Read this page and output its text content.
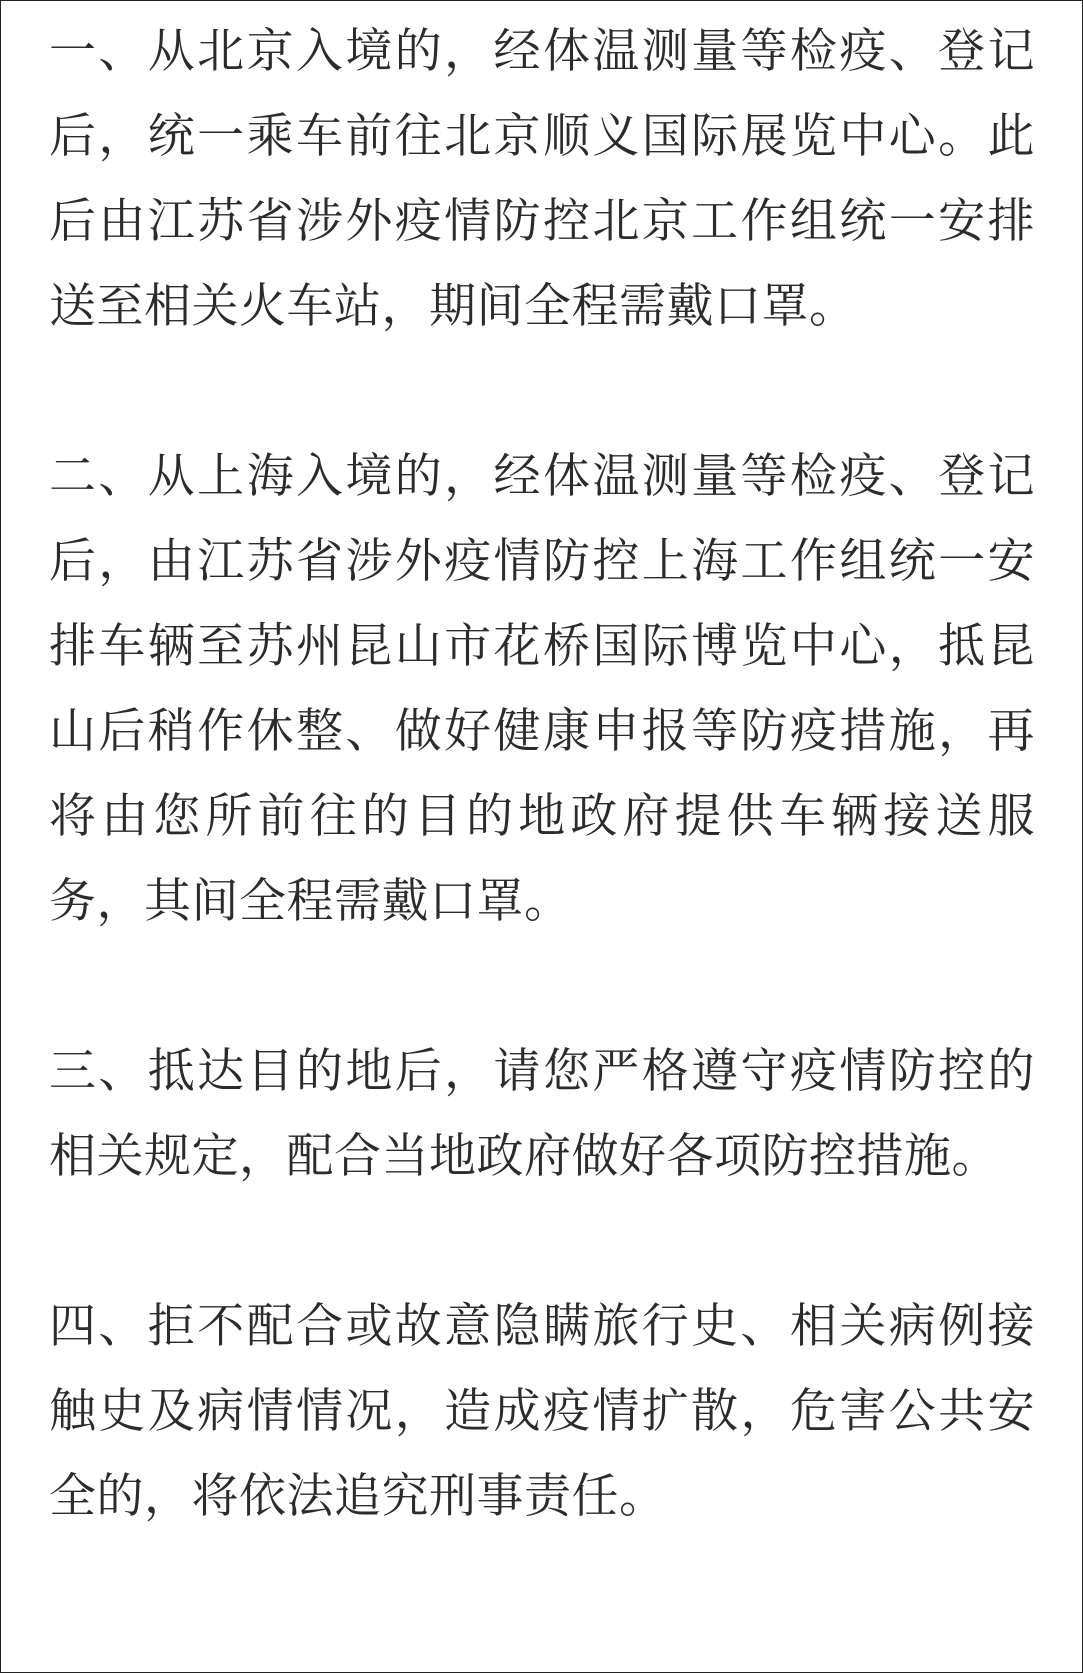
一、从北京入境的，经体温测量等检疫、登记后，统一乘车前往北京顺义国际展览中心。此后由江苏省涉外疫情防控北京工作组统一安排送至相关火车站，期间全程需戴口罩。

二、从上海入境的，经体温测量等检疫、登记后，由江苏省涉外疫情防控上海工作组统一安排车辆至苏州昆山市花桥国际博览中心，抵昆山后稍作休整、做好健康申报等防疫措施，再将由您所前往的目的地政府提供车辆接送服务，其间全程需戴口罩。

三、抵达目的地后，请您严格遵守疫情防控的相关规定，配合当地政府做好各项防控措施。

四、拒不配合或故意隐瞒旅行史、相关病例接触史及病情情况，造成疫情扩散，危害公共安全的，将依法追究刑事责任。
